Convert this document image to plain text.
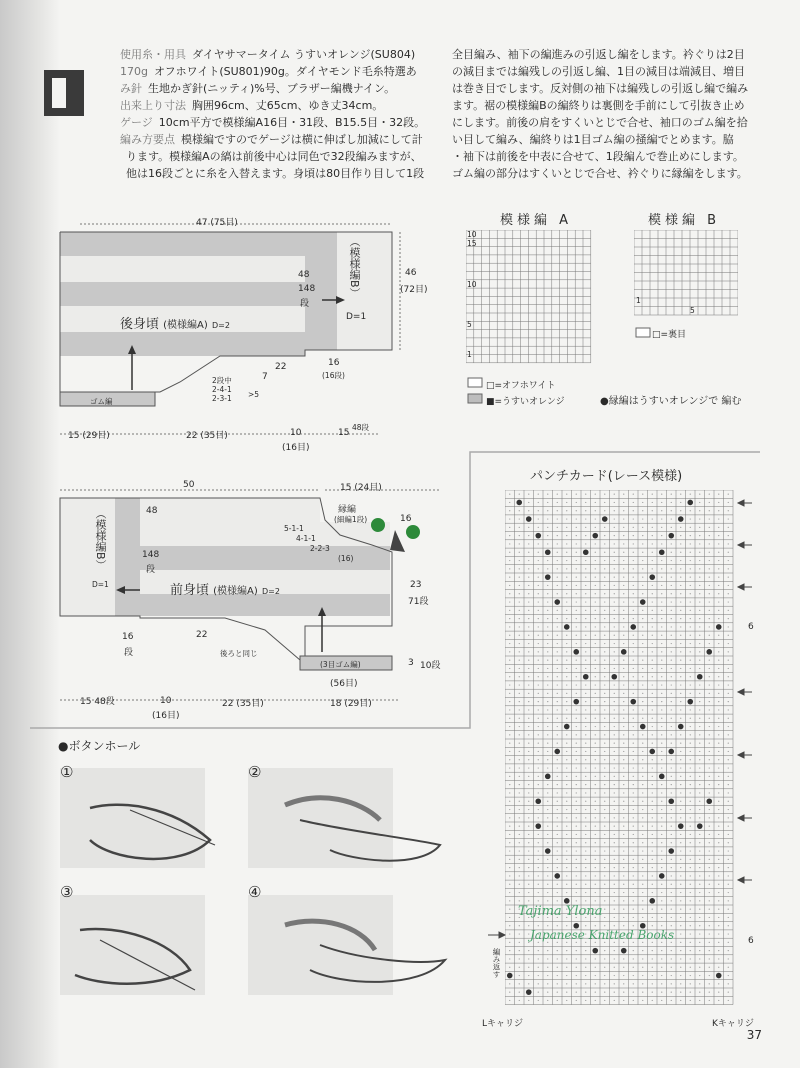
使用糸・用具 ダイヤサマータイム うすいオレンジ(SU804)
170g オフホワイト(SU801)90g。ダイヤモンド毛糸特選あ
み針 生地かぎ針(ニッティ)%号、ブラザー編機ナイン。
出来上り寸法 胸囲96cm、丈65cm、ゆき丈34cm。
ゲージ 10cm平方で模様編A16目・31段、B15.5目・32段。
編み方要点 模様編ですのでゲージは横に伸ばし加減にして計
ります。模様編Aの縞は前後中心は同色で32段編みますが、
他は16段ごとに糸を入替えます。身頃は80目作り目して1段
全目編み、袖下の編進みの引返し編をします。衿ぐりは2目
の減目までは編残しの引返し編、1目の減目は端減目、増目
は巻き目でします。反対側の袖下は編残しの引返し編で編み
ます。裾の模様編Bの編終りは裏側を手前にして引抜き止め
にします。前後の肩をすくいとじで合せ、袖口のゴム編を拾
い目して編み、編終りは1目ゴム編の掻編でとめます。脇
・袖下は前後を中表に合せて、1段編んで巻止めにします。
ゴム編の部分はすくいとじで合せ、衿ぐりに縁編をします。
47 (75目)
（模様編B）
後身頃 (模様編A) D=2
D=1
48
148
段
46
(72目)
22
7
2段中
2-4-1
2-3-1 >5
16
(16段)
ゴム編
15 (29目)	22 (35目)	10
(16目)
15
48段
50	15 (24目)
縁編
(細編1段)	16
5-1-1
4-1-1
2-2-3
(16)
（模様編B）
D=1
48
148
段
前身頃 (模様編A) D=2
23
71段
16
段
22
後ろと同じ
(3目ゴム編)	3 10段
(56目)
15 48段	10
(16目)
22 (35目)	18 (29目)
模様編 A
10
15
10
5
1
模様編 B
1
5
□=裏目
□=オフホワイト
■=うすいオレンジ	●縁編はうすいオレンジで 編む
パンチカード(レース模様)
6
6
Lキャリジ	Kキャリジ
編み返す
Tajima Ylona
Japanese Knitted Books
●ボタンホール
①	②
③	④
37
